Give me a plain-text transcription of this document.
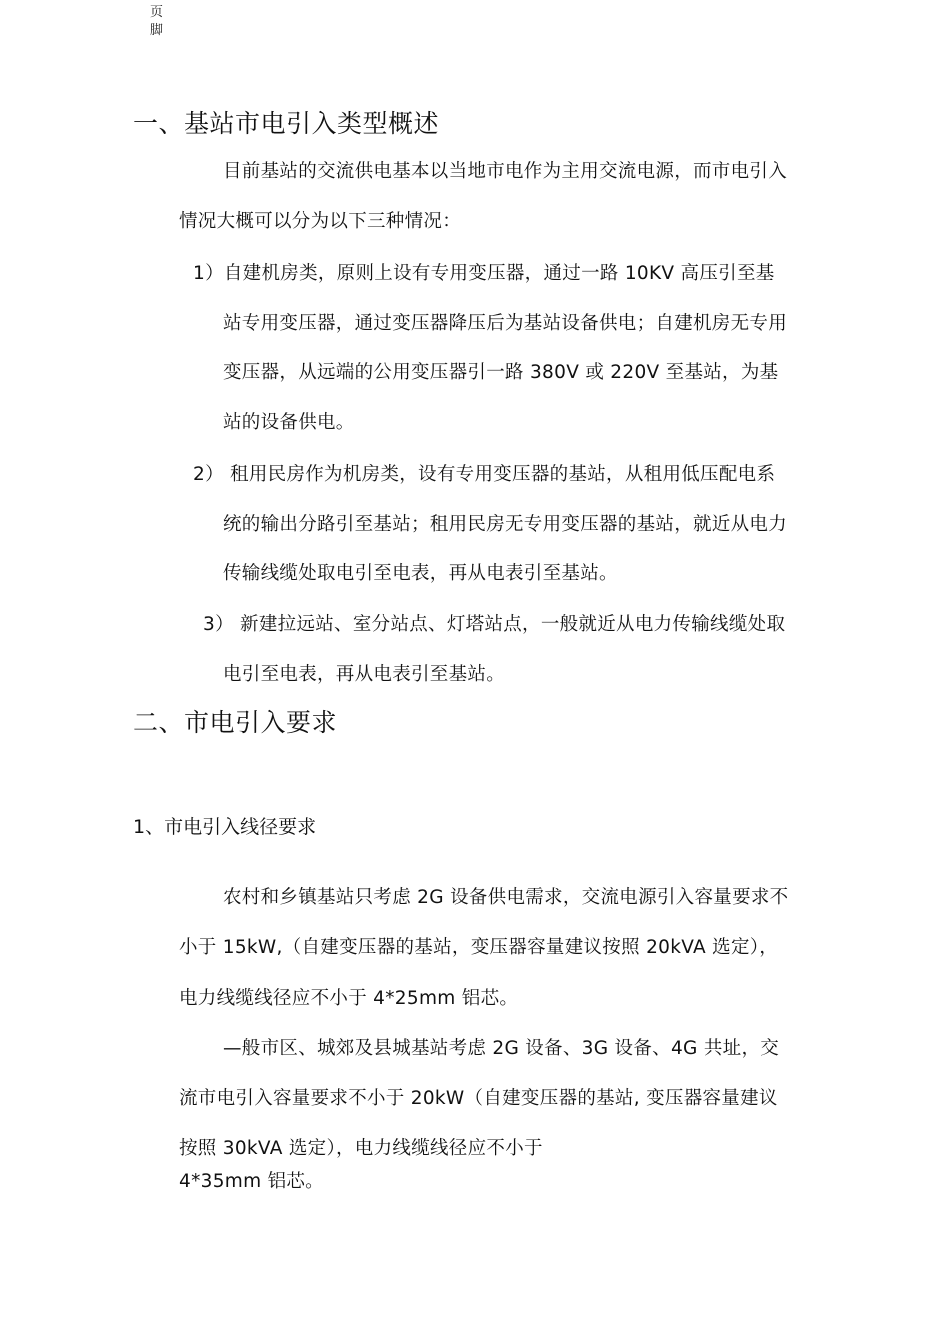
页脚
一、基站市电引入类型概述
目前基站的交流供电基本以当地市电作为主用交流电源，而市电引入
情况大概可以分为以下三种情况：
1）自建机房类，原则上设有专用变压器，通过一路 10KV 高压引至基
站专用变压器，通过变压器降压后为基站设备供电；自建机房无专用
变压器，从远端的公用变压器引一路 380V 或 220V 至基站，为基
站的设备供电。
2） 租用民房作为机房类，设有专用变压器的基站，从租用低压配电系
统的输出分路引至基站；租用民房无专用变压器的基站，就近从电力
传输线缆处取电引至电表，再从电表引至基站。
3） 新建拉远站、室分站点、灯塔站点，一般就近从电力传输线缆处取
电引至电表，再从电表引至基站。
二、市电引入要求
1、市电引入线径要求
农村和乡镇基站只考虑 2G 设备供电需求，交流电源引入容量要求不
小于 15kW,（自建变压器的基站，变压器容量建议按照 20kVA 选定），
电力线缆线径应不小于 4*25mm 铝芯。
—般市区、城郊及县城基站考虑 2G 设备、3G 设备、4G 共址，交
流市电引入容量要求不小于 20kW（自建变压器的基站, 变压器容量建议
按照 30kVA 选定），电力线缆线径应不小于
4*35mm 铝芯。
